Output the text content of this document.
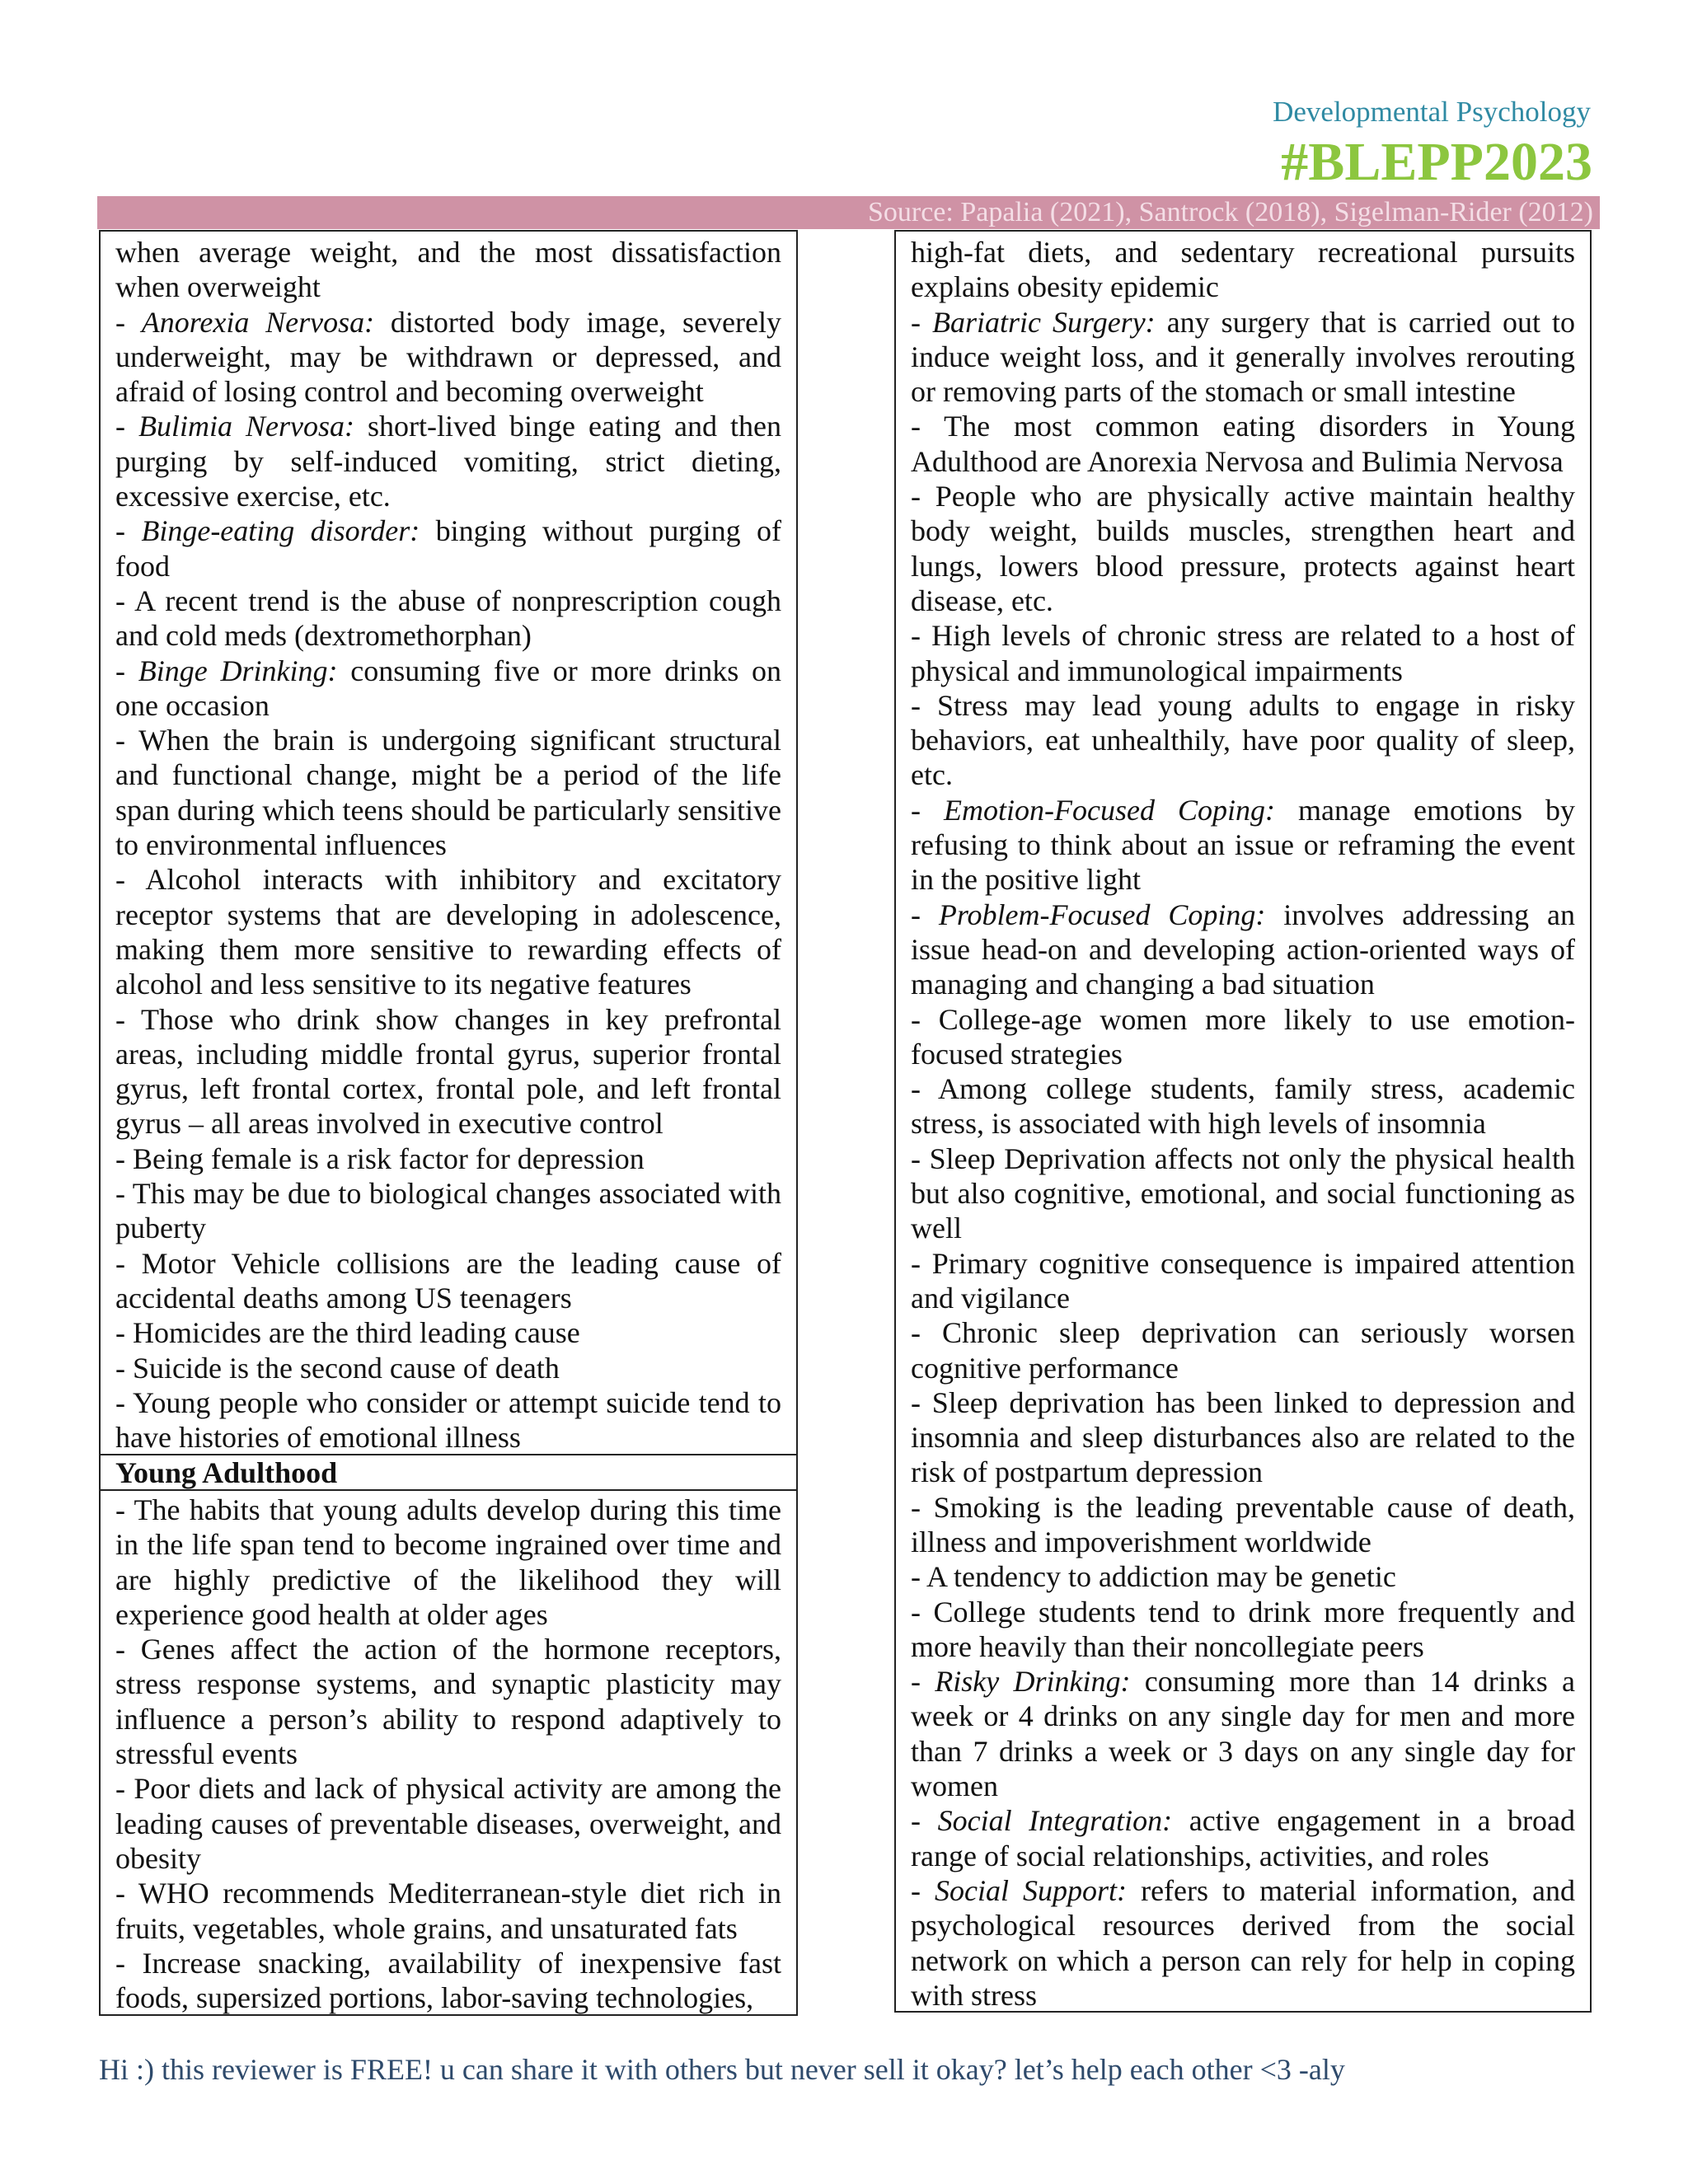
Developmental Psychology
#BLEPP2023
Source: Papalia (2021), Santrock (2018), Sigelman-Rider (2012)

when average weight, and the most dissatisfaction when overweight

- Anorexia Nervosa: distorted body image, severely underweight, may be withdrawn or depressed, and afraid of losing control and becoming overweight

- Bulimia Nervosa: short-lived binge eating and then purging by self-induced vomiting, strict dieting, excessive exercise, etc.

- Binge-eating disorder: binging without purging of food

- A recent trend is the abuse of nonprescription cough and cold meds (dextromethorphan)

- Binge Drinking: consuming five or more drinks on one occasion

- When the brain is undergoing significant structural and functional change, might be a period of the life span during which teens should be particularly sensitive to environmental influences

- Alcohol interacts with inhibitory and excitatory receptor systems that are developing in adolescence, making them more sensitive to rewarding effects of alcohol and less sensitive to its negative features

- Those who drink show changes in key prefrontal areas, including middle frontal gyrus, superior frontal gyrus, left frontal cortex, frontal pole, and left frontal gyrus – all areas involved in executive control

- Being female is a risk factor for depression

- This may be due to biological changes associated with puberty

- Motor Vehicle collisions are the leading cause of accidental deaths among US teenagers

- Homicides are the third leading cause

- Suicide is the second cause of death

- Young people who consider or attempt suicide tend to have histories of emotional illness

Young Adulthood

- The habits that young adults develop during this time in the life span tend to become ingrained over time and are highly predictive of the likelihood they will experience good health at older ages

- Genes affect the action of the hormone receptors, stress response systems, and synaptic plasticity may influence a person’s ability to respond adaptively to stressful events

- Poor diets and lack of physical activity are among the leading causes of preventable diseases, overweight, and obesity

- WHO recommends Mediterranean-style diet rich in fruits, vegetables, whole grains, and unsaturated fats

- Increase snacking, availability of inexpensive fast foods, supersized portions, labor-saving technologies,

high-fat diets, and sedentary recreational pursuits explains obesity epidemic

- Bariatric Surgery: any surgery that is carried out to induce weight loss, and it generally involves rerouting or removing parts of the stomach or small intestine

- The most common eating disorders in Young Adulthood are Anorexia Nervosa and Bulimia Nervosa

- People who are physically active maintain healthy body weight, builds muscles, strengthen heart and lungs, lowers blood pressure, protects against heart disease, etc.

- High levels of chronic stress are related to a host of physical and immunological impairments

- Stress may lead young adults to engage in risky behaviors, eat unhealthily, have poor quality of sleep, etc.

- Emotion-Focused Coping: manage emotions by refusing to think about an issue or reframing the event in the positive light

- Problem-Focused Coping: involves addressing an issue head-on and developing action-oriented ways of managing and changing a bad situation

- College-age women more likely to use emotion-focused strategies

- Among college students, family stress, academic stress, is associated with high levels of insomnia

- Sleep Deprivation affects not only the physical health but also cognitive, emotional, and social functioning as well

- Primary cognitive consequence is impaired attention and vigilance

- Chronic sleep deprivation can seriously worsen cognitive performance

- Sleep deprivation has been linked to depression and insomnia and sleep disturbances also are related to the risk of postpartum depression

- Smoking is the leading preventable cause of death, illness and impoverishment worldwide

- A tendency to addiction may be genetic

- College students tend to drink more frequently and more heavily than their noncollegiate peers

- Risky Drinking: consuming more than 14 drinks a week or 4 drinks on any single day for men and more than 7 drinks a week or 3 days on any single day for women

- Social Integration: active engagement in a broad range of social relationships, activities, and roles

- Social Support: refers to material information, and psychological resources derived from the social network on which a person can rely for help in coping with stress

Hi :) this reviewer is FREE! u can share it with others but never sell it okay? let’s help each other <3 -aly
